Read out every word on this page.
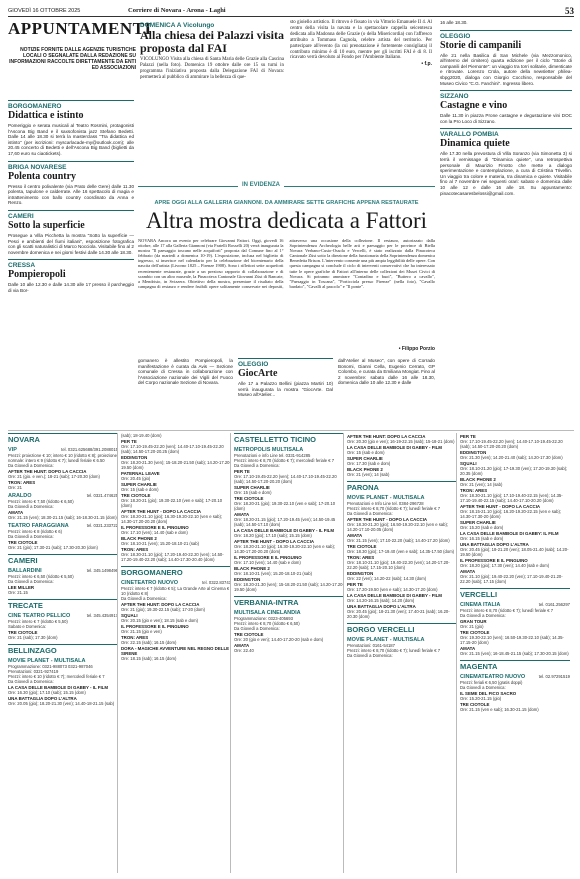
GIOVEDÌ 16 OTTOBRE 2025	Corriere di Novara - Arona - Laghi	53
APPUNTAMENTI
NOTIZIE FORNITE DALLE AGENZIE TURISTICHE LOCALI O SEGNALATE DALLA REDAZIONE SU INFORMAZIONI RACCOLTE DIRETTAMENTE DA ENTI ED ASSOCIAZIONI
DOMENICA A Vicolungo
Alla chiesa dei Palazzi visita proposta dal FAI
VICOLUNGO Visita alla chiesa di Santa Maria delle Grazie alla Cascina Palazzi (nella foto). Domenica 19 ottobre dalle ore 15 su turni in programma l'iniziativa proposta dalla Delegazione FAI di Novara: permetterà al pubblico di ammirare la bellezza di que-
sto gioiello artistico. Il ritrovo è fissato in via Vittorio Emanuele II 4. Al centro della visita la navata e la spettacolare cappella seicentesca dedicata alla Madonna delle Grazie (o della Misericordia) con l'affresco attribuito a Tommaso Cagnola, celebre artista del territorio. Per partecipare all'evento (la cui prenotazione è fortemente consigliata) il contributo minimo è di 10 euro, mentre per gli iscritti FAI è di 8. Il ricavato verrà devoluto al Fondo per l'Ambiente Italiano.
• f.p.
BORGOMANERO
Didattica e istinto
Pomeriggio e serata musicali al Teatro Rosmini, protagonisti l'Ascona Big Band e il saxsofonista jazz Stefano Bedetti. Dalle 14 alle 18.30 si terrà la masterclass "Tra didattica ed istinto" (per iscrizioni: myscarlacade-my@outlook.com); alle 20.45 concerto di Bedetti e dell'Ascona Big Band (biglietti da 17,60 euro su ciaotickets).
BRIGA NOVARESE
Polenta country
Presso il centro polivalente (via Prato delle Gere) dalle 11.30 polenta, tapulone e calderrate. Alle 16 spettacolo di magia e intrattenimento con ballo country coordinato da Anna e Renzo.
CAMERI
Sotto la superficie
Prosegue a Villa Picchetta la mostra "Sotto la superficie — Pesci e ambienti del fiumi italiani", esposizione fotografica con gli scatti naturalistici di Marco Nocciola. Visitabile fino al 2 novembre domenica e nei giorni festivi dalle 14.30 alle 18.30.
CRESSA
Pompieropoli
Dalle 10 alle 12.30 e dalle 14.30 alle 17 presso il parcheggio di via Bor-
IN EVIDENZA
APRE OGGI ALLA GALLERIA GIANNONI. DA AMMIRARE SETTE GRAFICHE APPENA RESTAURATE
Altra mostra dedicata a Fattori
NOVARA Ancora un evento per celebrare Giovanni Fattori. Oggi, giovedì 16 ottobre, alle 17 alla Galleria Giannoni (via Fratelli Rosselli 20) verrà inaugurata la mostra "Il paesaggio toscano nelle acquiforti" proposta dal Comune fino al 1° febbraio (da martedì a domenica 10-19). L'esposizione, inclusa nel biglietto di ingresso, si inserisce nel calendario per la celebrazione del bicentenario della nascita dell'artista (Livorno 1825 – Firenze 1908). Sono i riflettori sette acqueforti recentemente restaurate, grazie a un prezioso rapporto di collaborazione e di scambio con un altro museale, la Pinacoteca Cantonale Giovanni Züst di Rancate, a Mendrisio, in Svizzera. Obiettivo della mostra, presentare il risultato della campagna di restauro e rendere fruibili opere solitamente conservate nei depositi, attraverso una occasione della collezione. Il restauro, autorizzato dalla Soprintendenza Archeologia belle arti e paesaggio per le province di Biella Novara Verbano-Cusio-Ossola e Vercelli, è stato realizzato dalla Pinacoteca Cantonale Züst sotto la direzione della funzionaria della Soprintendenza domenica Benedetta Brison. L'intervento consente una più ampia leggibilità delle opere. Con questa campagna si conclude il ciclo di interventi conservativi che ha interessato tutte le opere grafiche di Fattori all'interno delle collezioni dei Musei Civici di Novara. Si potranno ammirare "Contadino e buoi", "Buttero a cavallo", "Paesaggio in Toscana", "Porticciola presso Firenze" (nella foto), "Cavallo bardato", "Cavalli al pascolo" e "Il ponte".
• Filippo Porzio
gomanero è allestito Pompieropoli, la manifestazione è curata da Avis — Sezione comunale di Cressa in collaborazione con l'Associazione nazionale dei Vigili del Fuoco del Corpo nazionale Sezione di Novara.
OLEGGIO
GiocArte
Alle 17 a Palazzo Bellini (piazza Martiri 10) verrà inaugurata la mostra "GiocArte. Dal Museo all'Atelier...
dall'Atelier al Museo", con opere di Corrado Bonomi, Gianni Cella, Eugenio Cerrato, GP Colombo, e curata da Emiliana Mongiat. Fino al 2 novembre: sabato dalle 16 alle 18.30, domenica dalle 10 alle 12.30 e dalle
16 alle 18.30.
OLEGGIO
Storie di campanili
Alle 21 nella Basilica di San Michele (via Mezzomonico, all'interno del cimitero) quarta edizione per il ciclo "Storie di campanili del Piemonte": un viaggio tra torri solitarie, dimenticate e ritrovate. Lorenzo Crola, autore della newsletter philea-sbpg2020, dialoga con Giorgio Cocchino, responsabile del Museo Civico "C.G. Fanchini". Ingresso libero.
SIZZANO
Castagne e vino
Dalle 11.30 in piazza Prone castagne e degustazione vini DOC con la Pro Loco di Sizzano.
VARALLO POMBIA
Dinamica quiete
Alle 17.30 nella prevostura di Villa Soranzo (via Simonetta 3) si terrà il vernissage di "Dinamica quiete", una retrospettiva personale di Maurizio Finotto che mette a dialogo sperimentazione e contemplazione, a cura di Cristina Trivellin. Un viaggio tra colore e materia, tra dinamica e quiete. Visitabile fino al 7 novembre nei seguenti orari: sabato e domenica dalle 10 alle 12 e dalle 16 alle 18. Su appuntamento: pinacotecasaresbelossi@gmail.com.
NOVARA
VIP	tel. 0321.625688/391.2088015
Prezzi: proiezione € 10; intero € 10 (ridotto € 8); proiezione normale: intero € 9 (ridotto € 7); lunedì feriale € 6.50
Da Giovedì a Domenica:
AFTER THE HUNT: DOPO LA CACCIA
Ore: 21 (gio. e ven.); 18-21 (sab); 17-20.30 (dom)
TRON: ARES
Ore: 21
ARALDO	tel. 0321.474625
Prezzi: intero € 7,50 (ridotto € 6,50)
Da Giovedì a Domenica:
AMATA
Ore: 21.15 (ven); 18.30-21.15 (sab); 16-18.30-21.15 (dom)
TEATRO FARAGGIANA	tel. 0321.233722
Prezzi: intero € 8 (ridotto € 6)
Da Giovedì a Domenica:
TRE CIOTOLE
Ore: 21 (gio); 17.30-21 (sab); 17.30-20.30 (dom)
CAMERI
BALLARDINI	tel. 345.1498496
Prezzi: intero € 6,50 (ridotto € 5,50)
Da Giovedì a Domenica:
LEE MILLER
Ore: 21.15
TRECATE
CINE TEATRO PELLICO	tel. 345.4354917
Prezzi: intero € 7 (ridotto € 5,50)
Sabato e Domenica:
TRE CIOTOLE
Ore: 21 (sab); 17.30 (dom)
BELLINZAGO
MOVIE PLANET - MULTISALA
Programmazione: 0321-988073 0321-987046
Prenotazioni: 0321-927419
Prezzi: intero € 10 (ridotto € 7); mercoledì feriale € 7
Da Giovedì a Domenica:
LA CASA DELLE BAMBOLE DI GABBY - IL FILM
Ore: 16.30 (gio); 17.10 (sab); 15.15 (dom)
UNA BATTAGLIA DOPO L'ALTRA
Ore: 20.05 (gio); 18.20-21.30 (ven); 14.40-18-21.15 (sab)
(sab); 18-19.40 (dom)
PER TE
Ore: 17.10-19.45-22.20 (ven); 14.40-17.10-19.45-22.20 (sab); 14.50-17.20-20.25 (dom)
EDDINGTON
Ore: 18.20-21.30 (ven); 15-18.20-21.50 (sab); 14.20-17.20-19.50 (dom)
PATERNAL LEAVE
Ore: 20.45 (gio)
SUPER CHARLIE
Ore: 15 (sab e dom)
TRE CIOTOLE
Ore: 18.20-21 (gio); 19.30-22.10 (ven e sab); 17-20.10 (dom)
AFTER THE HUNT - DOPO LA CACCIA
Ore: 18.20-21.10 (gio); 16.30-19.20-22.10 (ven e sab); 14.30-17.20-20.20 (dom)
IL PROFESSORE E IL PINGUINO
Ore: 17.10 (ven); 14.40 (sab e dom)
BLACK PHONE 2
Ore: 18.10-21 (ven); 15.20-18.10-21 (sab)
TRON: ARES
Ore: 18.30-21.10 (gio); 17.20-19.40-22.20 (ven); 14.50-17.20-19.40-22.20 (sab); 14.40-17.30-20.40 (dom)
BORGOMANERO
CINETEATRO NUOVO	tel. 0322.83743
Prezzi: intero € 7 (ridotto € 5); La Grande Arte al Cinema € 10 (ridotto € 8)
Da Giovedì a Domenica:
AFTER THE HUNT: DOPO LA CACCIA
Ore: 21 (gio); 19.30-22.15 (sab); 17-20 (dom)
SQUALI
Ore: 20.15 (gio e ven); 18.15 (sab e dom)
IL PROFESSORE E IL PINGUINO
Ore: 21.15 (gio e ven)
TRON: ARES
Ore: 22.15 (sab); 16.15 (dom)
DORA - MAGICHE AVVENTURE NEL REGNO DELLE SIRENE
Ore: 18.15 (sab); 16.15 (dom)
CASTELLETTO TICINO
METROPOLIS MULTISALA
Prenotazioni e info Line tel. 0331-914285
Prezzi: intero € 8,70 (ridotto € 7); mercoledì feriale € 7
Da Giovedì a Domenica:
PER TE
Ore: 17.10-19.45-22.20 (ven); 14.40-17.10-19.45-22.20 (sab); 14.50-17.20-20.20 (dom)
SUPER CHARLIE
Ore: 15 (sab e dom)
TRE CIOTOLE
Ore: 18.20-21 (gio); 19.30-22.10 (ven e sab); 17-20.10 (dom)
AMATA
Ore: 18.20-21.15 (gio); 17.20-19.45 (ven); 14.50-19.45 (sab); 14.50-17.10 (dom)
LA CASA DELLE BAMBOLE DI GABBY - IL FILM
Ore: 18.20 (gio); 17.10 (sab); 15.15 (dom)
AFTER THE HUNT - DOPO LA CACCIA
Ore: 18.20-21.10 (gio); 16.30-19.20-22.10 (ven e sab); 14.30-17.20-20.20 (dom)
IL PROFESSORE E IL PINGUINO
Ore: 17.10 (ven); 14.40 (sab e dom)
BLACK PHONE 2
Ore: 18.10-21 (ven); 15.20-18.10-21 (sab)
EDDINGTON
Ore: 18.20-21.30 (ven); 15-18.20-21.50 (sab); 14.20-17.20-19.50 (dom)
VERBANIA-INTRA
MULTISALA CINELANDIA
Programmazione: 0323-405693
Prezzi: intero € 8,70 (ridotto € 6,50)
Da Giovedì a Domenica:
TRE CIOTOLE
Ore: 20 (gio e ven); 14.40-17.20-20 (sab e dom)
AMATA
Ore: 22.40
AFTER THE HUNT: DOPO LA CACCIA
Ore: 20.30 (gio e ven); 16-19-22.15 (sab); 15-18-21 (dom)
LA CASA DELLE BAMBOLE DI GABBY - FILM
Ore: 15 (sab e dom)
SUPER CHARLIE
Ore: 17.30 (sab e dom)
BLACK PHONE 2
Ore: 21 (ven); 14 (sab)
PARONA
MOVIE PLANET - MULTISALA
Prenotazioni e Info Line tel. 0384-296728
Prezzi: intero € 8,70 (ridotto € 7); lunedì feriale € 7
Da Giovedì a Domenica:
AFTER THE HUNT - DOPO LA CACCIA
Ore: 18.30-21.20 (gio); 16.50-19.20-22.10 (ven e sab); 14.20-17.10-20.05 (dom)
AMATA
Ore: 21.15 (ven); 17.10-22.20 (sab); 14.40-17.20 (dom)
TRE CIOTOLE
Ore: 18.30 (gio); 17-19.40 (ven e sab); 14.35-17.50 (dom)
TRON: ARES
Ore: 18.10-21.10 (gio); 19.40-22.20 (ven); 14.20-17.20-22.20 (sab); 17.15-20.10 (dom)
EDDINGTON
Ore: 22 (ven); 14.20-22 (sab); 14.30 (dom)
PER TE
Ore: 17.20-19.50 (ven e sab); 14.30-17.20 (dom)
LA CASA DELLE BAMBOLE DI GABBY - FILM
Ore: 14.20-16.15 (sab); 14.20 (dom)
UNA BATTAGLIA DOPO L'ALTRA
Ore: 20.45 (gio); 18-21.30 (ven); 17.40-21 (sab); 16.20-20.30 (dom)
BORGO VERCELLI
MOVIE PLANET - MULTISALA
Prenotazioni: 0161-54187
Prezzi: intero € 8,70 (ridotto € 7); lunedì feriale € 7
Da Giovedì a Domenica:
PER TE
Ore: 17.10-19.45-22.20 (ven); 14.40-17.10-19.45-22.20 (sab); 14.50-17.20-20.20 (dom)
EDDINGTON
Ore: 21.30 (ven); 14.20-21.40 (sab); 14.20-17.30 (dom)
SQUALI
Ore: 18.10-21.20 (gio); 17-19.30 (ven); 17.20-19.30 (sab); 20.35 (dom)
BLACK PHONE 2
Ore: 21 (ven); 14 (sab)
TRON: ARES
Ore: 18.30-21.10 (gio); 17.10-19.40-22.15 (ven); 14.35-17.10-19.40-22.15 (sab); 14.40-17.10-20.20 (dom)
AFTER THE HUNT - DOPO LA CACCIA
Ore: 18.15-21.10 (gio); 16.20-19.20-22.15 (ven e sab); 14.30-17.30-20 (dom)
SUPER CHARLIE
Ore: 15.20 (sab e dom)
LA CASA DELLE BAMBOLE DI GABBY: IL FILM
Ore: 16.15 (sab e dom)
UNA BATTAGLIA DOPO L'ALTRA
Ore: 20.45 (gio); 18-21.20 (ven); 18.05-21.40 (sab); 14.20-19.50 (dom)
IL PROFESSORE E IL PINGUINO
Ore: 18.20 (gio); 17.30 (ven); 14.40 (sab e dom)
AMATA
Ore: 21.10 (gio); 19.40-22.20 (ven); 17.10-19.40-21.20-22.20 (sab); 17.15 (dom)
VERCELLI
CINEMA ITALIA	tel. 0161.256297
Prezzi: intero € 8,70 (ridotto € 7); lunedì feriale € 7
Da Giovedì a Domenica:
GRAN TOUR
Ore: 21 (gio)
TRE CIOTOLE
Ore: 19.30-22.10 (ven); 16.50-19.30-22.10 (sab); 14.35-17.15-20 (dom)
AMATA
Ore: 21.15 (ven); 16-18.45-21.15 (sab); 17.30-20.15 (dom)
MAGENTA
CINEMATEATRO NUOVO	tel. 02.97291519
Prezzi: feriali € 6,50 (gratis doppi)
Da Giovedì a Domenica:
IL SEME DEL FICO SACRO
Ore: 15.20-21.15 (gio)
TRE CIOTOLE
Ore: 21.15 (ven e sab); 16.30-21.15 (dom)
